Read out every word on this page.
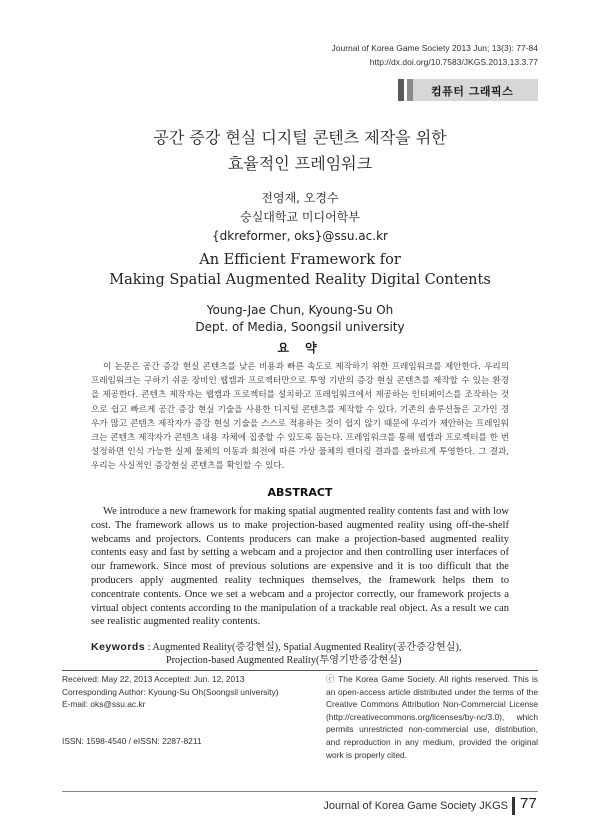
Journal of Korea Game Society 2013 Jun; 13(3): 77-84
http://dx.doi.org/10.7583/JKGS.2013.13.3.77
컴퓨터 그래픽스
공간 증강 현실 디지털 콘텐츠 제작을 위한
효율적인 프레임워크
전영재, 오경수
숭실대학교 미디어학부
{dkreformer, oks}@ssu.ac.kr
An Efficient Framework for
Making Spatial Augmented Reality Digital Contents
Young-Jae Chun, Kyoung-Su Oh
Dept. of Media, Soongsil university
요 약

이 논문은 공간 증강 현실 콘텐츠를 낮은 비용과 빠른 속도로 제작하기 위한 프레임워크를 제안한다. 우리의 프레임워크는 구하기 쉬운 장비인 웹캠과 프로젝터만으로 투영 기반의 증강 현실 콘텐츠를 제작할 수 있는 환경을 제공한다. 콘텐츠 제작자는 웹캠과 프로젝터를 설치하고 프레임워크에서 제공하는 인터페이스를 조작하는 것으로 쉽고 빠르게 공간 증강 현실 기술을 사용한 디지털 콘텐츠를 제작할 수 있다. 기존의 솔루션들은 고가인 경우가 많고 콘텐츠 제작자가 증강 현실 기술을 스스로 적용하는 것이 쉽지 않기 때문에 우리가 제안하는 프레임워크는 콘텐츠 제작자가 콘텐츠 내용 자체에 집중할 수 있도록 돕는다. 프레임워크를 통해 웹캠과 프로젝터를 한 번 설정하면 인식 가능한 실제 물체의 이동과 회전에 따른 가상 물체의 렌더링 결과를 올바르게 투영한다. 그 결과, 우리는 사실적인 증강현실 콘텐츠를 확인할 수 있다.

ABSTRACT

We introduce a new framework for making spatial augmented reality contents fast and with low cost. The framework allows us to make projection-based augmented reality using off-the-shelf webcams and projectors. Contents producers can make a projection-based augmented reality contents easy and fast by setting a webcam and a projector and then controlling user interfaces of our framework. Since most of previous solutions are expensive and it is too difficult that the producers apply augmented reality techniques themselves, the framework helps them to concentrate contents. Once we set a webcam and a projector correctly, our framework projects a virtual object contents according to the manipulation of a trackable real object. As a result we can see realistic augmented reality contents.

Keywords : Augmented Reality(증강현실), Spatial Augmented Reality(공간증강현실),
Projection-based Augmented Reality(투영기반증강현실)
Received: May 22, 2013 Accepted: Jun. 12, 2013
Corresponding Author: Kyoung-Su Oh(Soongsil university)
E-mail: oks@ssu.ac.kr
ISSN: 1598-4540 / eISSN: 2287-8211
ⓒ The Korea Game Society. All rights reserved. This is an open-access article distributed under the terms of the Creative Commons Attribution Non-Commercial License (http://creativecommons.org/licenses/by-nc/3.0), which permits unrestricted non-commercial use, distribution, and reproduction in any medium, provided the original work is properly cited.
Journal of Korea Game Society JKGS 77
